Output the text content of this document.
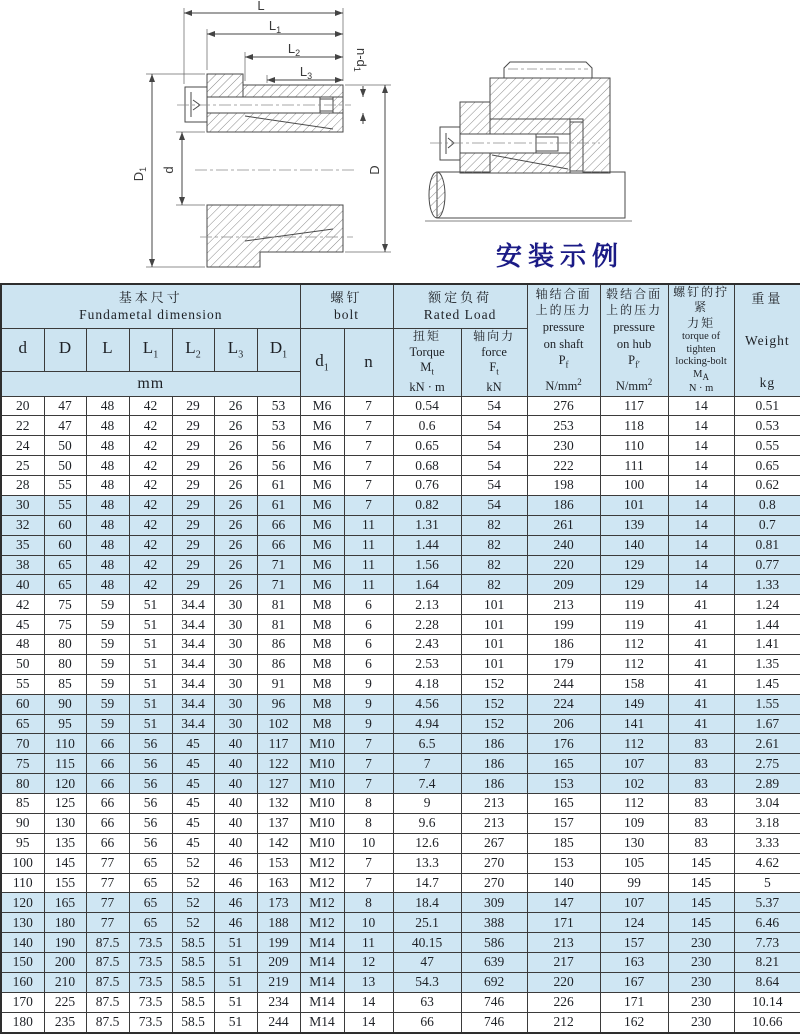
L
$L_1$
$L_2$
$L_3$
$n-d_1$
$D_1$ d	D
安装示例
基本尺寸
Fundametal dimension

螺钉
bolt

额定负荷
Rated Load

轴结合面
上的压力
pressure
on shaft
$P_f$
$N/mm^2$

毂结合面
上的压力
pressure
on hub
$P_{f'}$
$N/mm^2$

螺钉的拧紧
力矩
torque of
tighten
locking-bolt
$M_A$
N · m

重量
Weight
kg

d	D	L	$L_1$	$L_2$	$L_3$	$D_1$	$d_1$	n	
扭矩
Torque
$M_t$
kN · m

轴向力
force
$F_t$
kN

mm														
20	47	48	42	29	26	53	M6	7	0.54	54	276	117	14	0.51
22	47	48	42	29	26	53	M6	7	0.6	54	253	118	14	0.53
24	50	48	42	29	26	56	M6	7	0.65	54	230	110	14	0.55
25	50	48	42	29	26	56	M6	7	0.68	54	222	111	14	0.65
28	55	48	42	29	26	61	M6	7	0.76	54	198	100	14	0.62
30	55	48	42	29	26	61	M6	7	0.82	54	186	101	14	0.8
32	60	48	42	29	26	66	M6	11	1.31	82	261	139	14	0.7
35	60	48	42	29	26	66	M6	11	1.44	82	240	140	14	0.81
38	65	48	42	29	26	71	M6	11	1.56	82	220	129	14	0.77
40	65	48	42	29	26	71	M6	11	1.64	82	209	129	14	1.33
42	75	59	51	34.4	30	81	M8	6	2.13	101	213	119	41	1.24
45	75	59	51	34.4	30	81	M8	6	2.28	101	199	119	41	1.44
48	80	59	51	34.4	30	86	M8	6	2.43	101	186	112	41	1.41
50	80	59	51	34.4	30	86	M8	6	2.53	101	179	112	41	1.35
55	85	59	51	34.4	30	91	M8	9	4.18	152	244	158	41	1.45
60	90	59	51	34.4	30	96	M8	9	4.56	152	224	149	41	1.55
65	95	59	51	34.4	30	102	M8	9	4.94	152	206	141	41	1.67
70	110	66	56	45	40	117	M10	7	6.5	186	176	112	83	2.61
75	115	66	56	45	40	122	M10	7	7	186	165	107	83	2.75
80	120	66	56	45	40	127	M10	7	7.4	186	153	102	83	2.89
85	125	66	56	45	40	132	M10	8	9	213	165	112	83	3.04
90	130	66	56	45	40	137	M10	8	9.6	213	157	109	83	3.18
95	135	66	56	45	40	142	M10	10	12.6	267	185	130	83	3.33
100	145	77	65	52	46	153	M12	7	13.3	270	153	105	145	4.62
110	155	77	65	52	46	163	M12	7	14.7	270	140	99	145	5
120	165	77	65	52	46	173	M12	8	18.4	309	147	107	145	5.37
130	180	77	65	52	46	188	M12	10	25.1	388	171	124	145	6.46
140	190	87.5	73.5	58.5	51	199	M14	11	40.15	586	213	157	230	7.73
150	200	87.5	73.5	58.5	51	209	M14	12	47	639	217	163	230	8.21
160	210	87.5	73.5	58.5	51	219	M14	13	54.3	692	220	167	230	8.64
170	225	87.5	73.5	58.5	51	234	M14	14	63	746	226	171	230	10.14
180	235	87.5	73.5	58.5	51	244	M14	14	66	746	212	162	230	10.66
